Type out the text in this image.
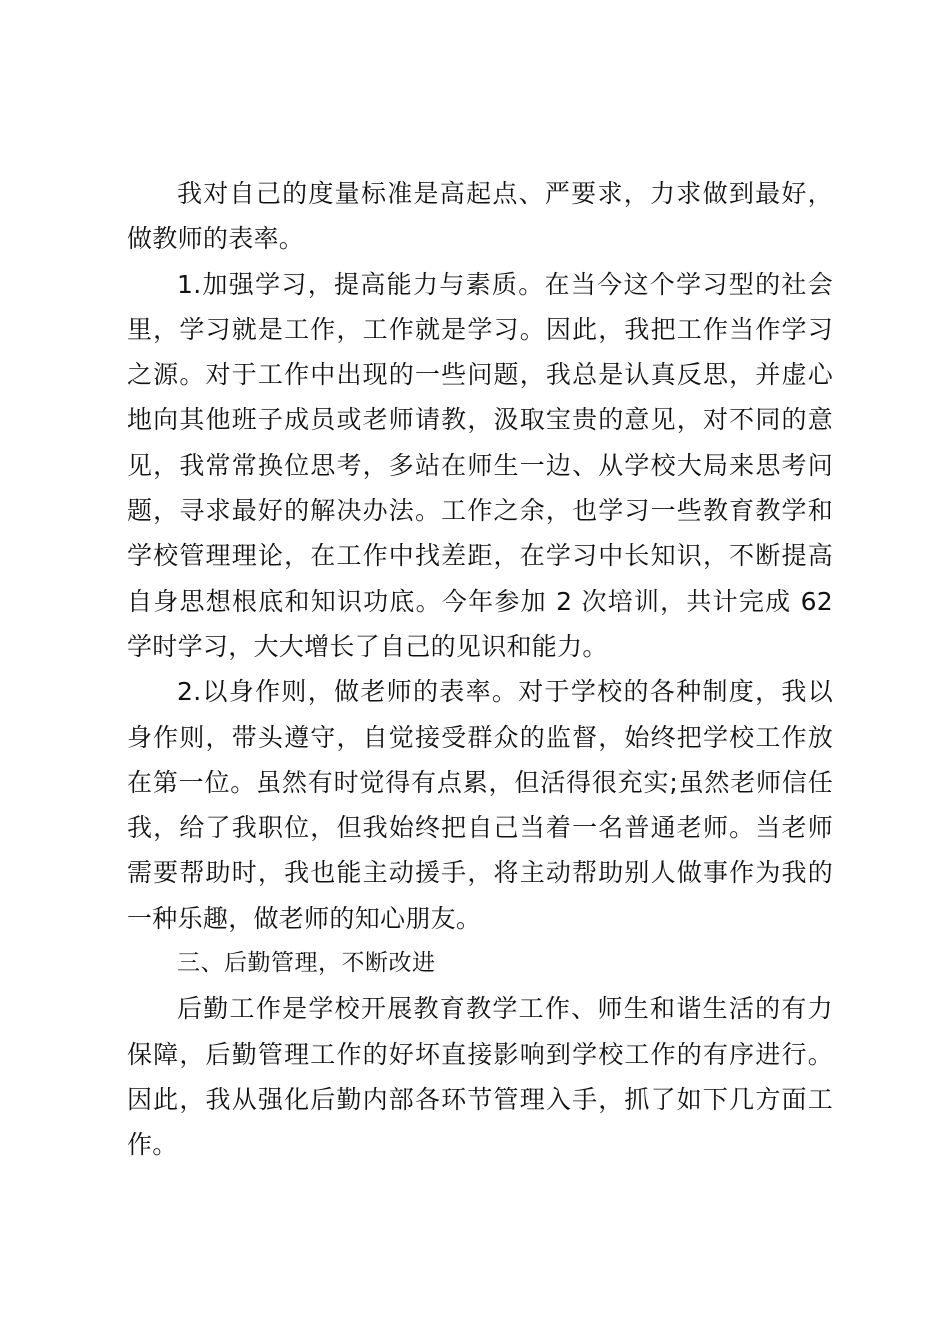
我对自己的度量标准是高起点、严要求，力求做到最好，做教师的表率。

1.加强学习，提高能力与素质。在当今这个学习型的社会里，学习就是工作，工作就是学习。因此，我把工作当作学习之源。对于工作中出现的一些问题，我总是认真反思，并虚心地向其他班子成员或老师请教，汲取宝贵的意见，对不同的意见，我常常换位思考，多站在师生一边、从学校大局来思考问题，寻求最好的解决办法。工作之余，也学习一些教育教学和学校管理理论，在工作中找差距，在学习中长知识，不断提高自身思想根底和知识功底。今年参加 2 次培训，共计完成 62 学时学习，大大增长了自己的见识和能力。

2.以身作则，做老师的表率。对于学校的各种制度，我以身作则，带头遵守，自觉接受群众的监督，始终把学校工作放在第一位。虽然有时觉得有点累，但活得很充实;虽然老师信任我，给了我职位，但我始终把自己当着一名普通老师。当老师需要帮助时，我也能主动援手，将主动帮助别人做事作为我的一种乐趣，做老师的知心朋友。

三、后勤管理，不断改进

后勤工作是学校开展教育教学工作、师生和谐生活的有力保障，后勤管理工作的好坏直接影响到学校工作的有序进行。因此，我从强化后勤内部各环节管理入手，抓了如下几方面工作。
